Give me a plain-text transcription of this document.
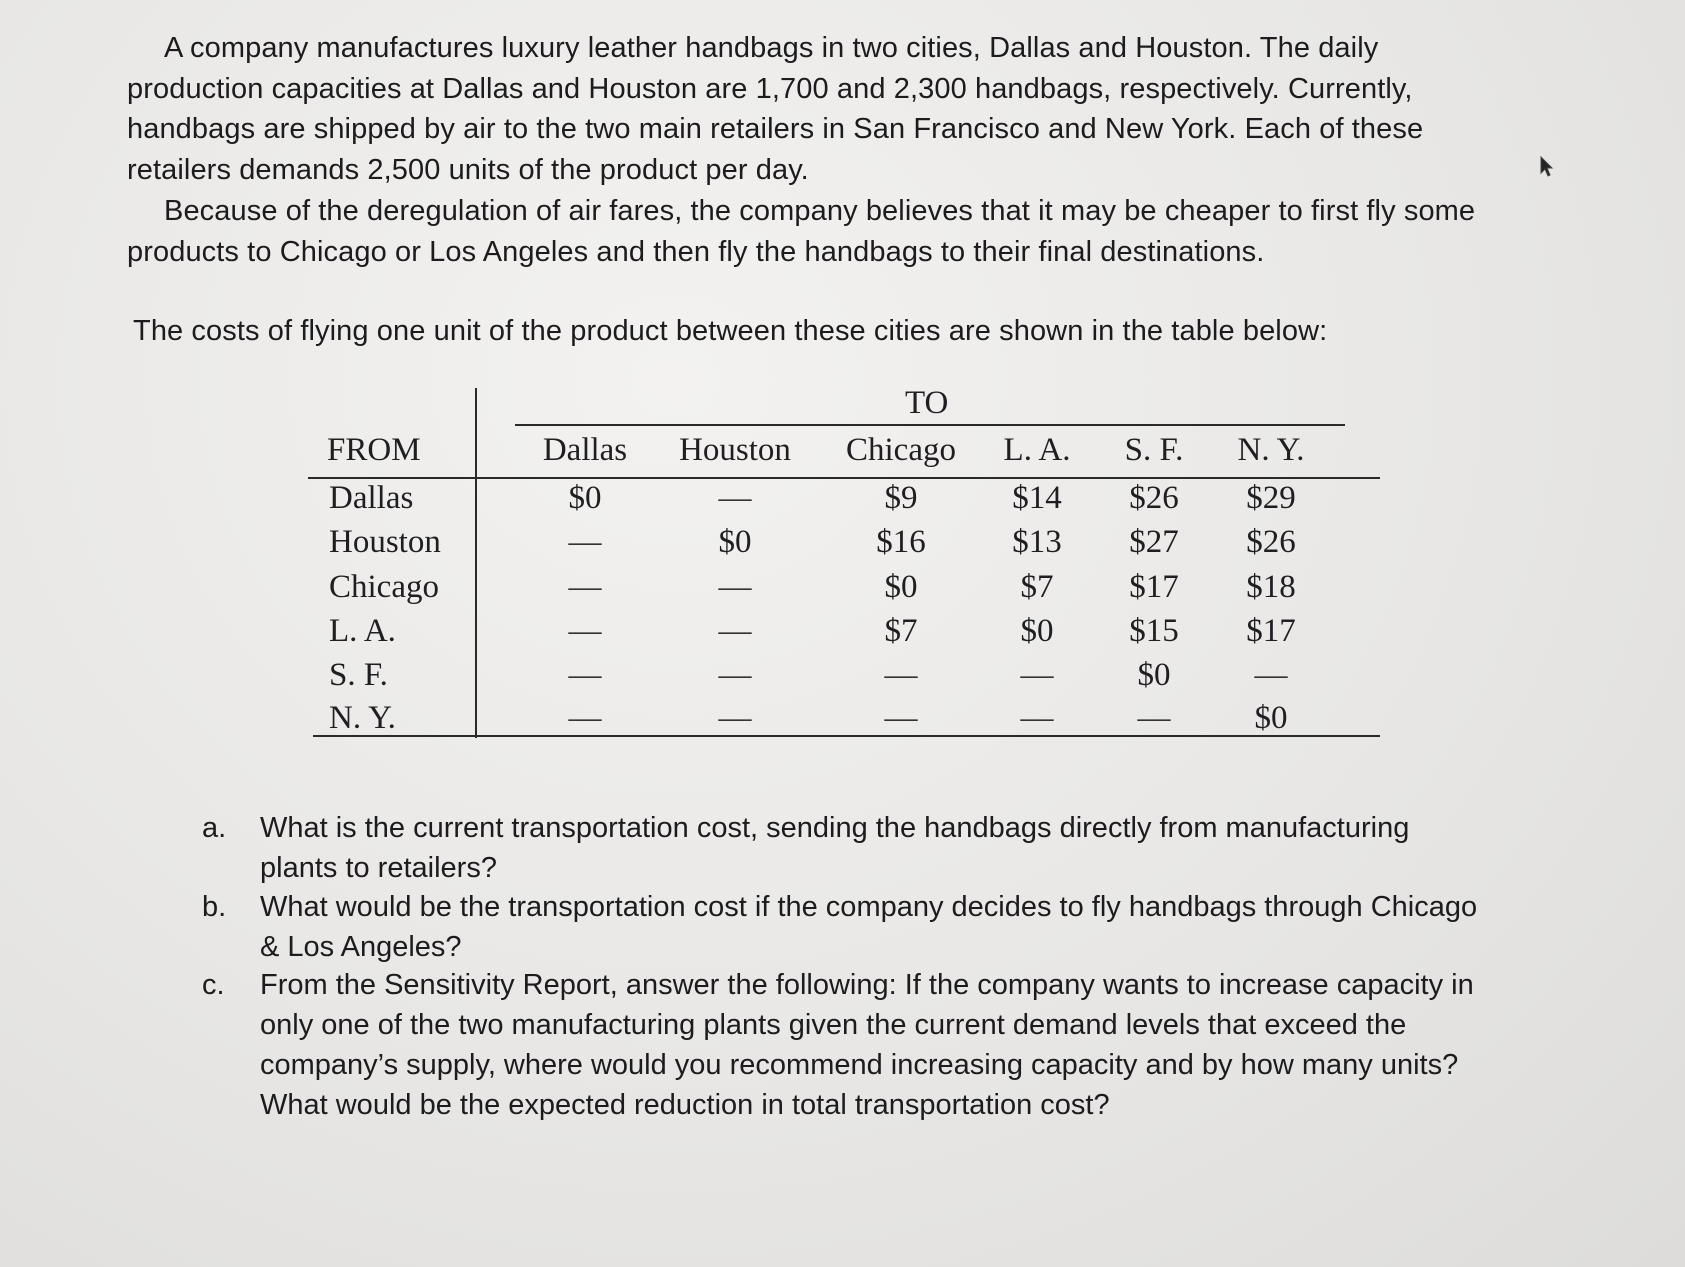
A company manufactures luxury leather handbags in two cities, Dallas and Houston. The daily
production capacities at Dallas and Houston are 1,700 and 2,300 handbags, respectively. Currently,
handbags are shipped by air to the two main retailers in San Francisco and New York. Each of these
retailers demands 2,500 units of the product per day.
Because of the deregulation of air fares, the company believes that it may be cheaper to first fly some
products to Chicago or Los Angeles and then fly the handbags to their final destinations.
The costs of flying one unit of the product between these cities are shown in the table below:
TO
FROM	Dallas Houston Chicago L. A. S. F. N. Y.
Dallas	$0	—	$9	$14 $26 $29
Houston	—	$0	$16	$13 $27 $26
Chicago	—	—	$0	$7 $17 $18
L. A.	—	—	$7	$0 $15 $17
S. F.	—	—	—	—	$0	—
N. Y.	—	—	—	—	—	$0
a. What is the current transportation cost, sending the handbags directly from manufacturing
plants to retailers?
b. What would be the transportation cost if the company decides to fly handbags through Chicago
& Los Angeles?
c. From the Sensitivity Report, answer the following: If the company wants to increase capacity in
only one of the two manufacturing plants given the current demand levels that exceed the
company’s supply, where would you recommend increasing capacity and by how many units?
What would be the expected reduction in total transportation cost?
